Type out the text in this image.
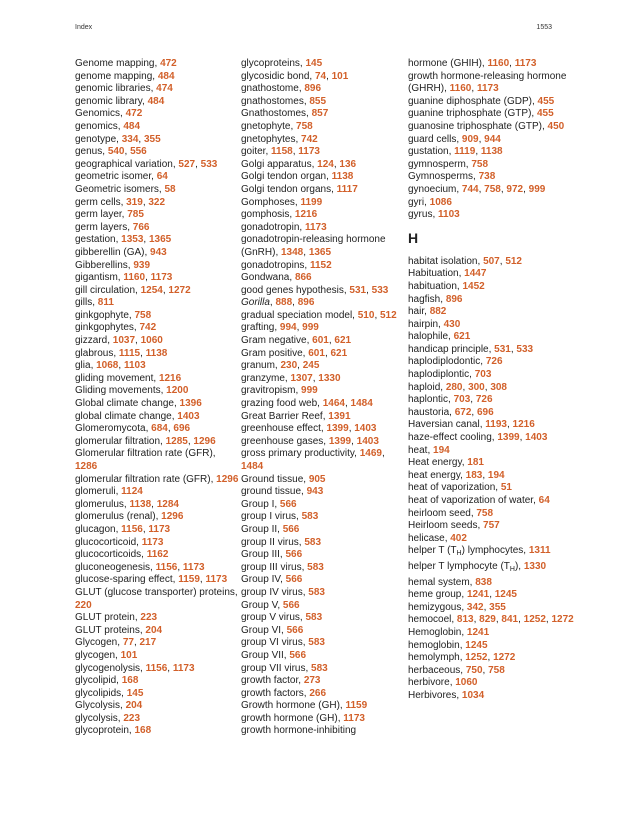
Index	1553
Genome mapping, 472
genome mapping, 484
genomic libraries, 474
genomic library, 484
Genomics, 472
genomics, 484
genotype, 334, 355
genus, 540, 556
geographical variation, 527, 533
geometric isomer, 64
Geometric isomers, 58
germ cells, 319, 322
germ layer, 785
germ layers, 766
gestation, 1353, 1365
gibberellin (GA), 943
Gibberellins, 939
gigantism, 1160, 1173
gill circulation, 1254, 1272
gills, 811
ginkgophyte, 758
ginkgophytes, 742
gizzard, 1037, 1060
glabrous, 1115, 1138
glia, 1068, 1103
gliding movement, 1216
Gliding movements, 1200
Global climate change, 1396
global climate change, 1403
Glomeromycota, 684, 696
glomerular filtration, 1285, 1296
Glomerular filtration rate (GFR), 1286
glomerular filtration rate (GFR), 1296
glomeruli, 1124
glomerulus, 1138, 1284
glomerulus (renal), 1296
glucagon, 1156, 1173
glucocorticoid, 1173
glucocorticoids, 1162
gluconeogenesis, 1156, 1173
glucose-sparing effect, 1159, 1173
GLUT (glucose transporter) proteins, 220
GLUT protein, 223
GLUT proteins, 204
Glycogen, 77, 217
glycogen, 101
glycogenolysis, 1156, 1173
glycolipid, 168
glycolipids, 145
Glycolysis, 204
glycolysis, 223
glycoprotein, 168
glycoproteins, 145
glycosidic bond, 74, 101
gnathostome, 896
gnathostomes, 855
Gnathostomes, 857
gnetophyte, 758
gnetophytes, 742
goiter, 1158, 1173
Golgi apparatus, 124, 136
Golgi tendon organ, 1138
Golgi tendon organs, 1117
Gomphoses, 1199
gomphosis, 1216
gonadotropin, 1173
gonadotropin-releasing hormone (GnRH), 1348, 1365
gonadotropins, 1152
Gondwana, 866
good genes hypothesis, 531, 533
Gorilla, 888, 896
gradual speciation model, 510, 512
grafting, 994, 999
Gram negative, 601, 621
Gram positive, 601, 621
granum, 230, 245
granzyme, 1307, 1330
gravitropism, 999
grazing food web, 1464, 1484
Great Barrier Reef, 1391
greenhouse effect, 1399, 1403
greenhouse gases, 1399, 1403
gross primary productivity, 1469, 1484
Ground tissue, 905
ground tissue, 943
Group I, 566
group I virus, 583
Group II, 566
group II virus, 583
Group III, 566
group III virus, 583
Group IV, 566
group IV virus, 583
Group V, 566
group V virus, 583
Group VI, 566
group VI virus, 583
Group VII, 566
group VII virus, 583
growth factor, 273
growth factors, 266
Growth hormone (GH), 1159
growth hormone (GH), 1173
growth hormone-inhibiting
hormone (GHIH), 1160, 1173
growth hormone-releasing hormone (GHRH), 1160, 1173
guanine diphosphate (GDP), 455
guanine triphosphate (GTP), 455
guanosine triphosphate (GTP), 450
guard cells, 909, 944
gustation, 1119, 1138
gymnosperm, 758
Gymnosperms, 738
gynoecium, 744, 758, 972, 999
gyri, 1086
gyrus, 1103
H
habitat isolation, 507, 512
Habituation, 1447
habituation, 1452
hagfish, 896
hair, 882
hairpin, 430
halophile, 621
handicap principle, 531, 533
haplodiplodontic, 726
haplodiplontic, 703
haploid, 280, 300, 308
haplontic, 703, 726
haustoria, 672, 696
Haversian canal, 1193, 1216
haze-effect cooling, 1399, 1403
heat, 194
Heat energy, 181
heat energy, 183, 194
heat of vaporization, 51
heat of vaporization of water, 64
heirloom seed, 758
Heirloom seeds, 757
helicase, 402
helper T $(T_H)$ lymphocytes, 1311
helper T lymphocyte $(T_H)$, 1330
hemal system, 838
heme group, 1241, 1245
hemizygous, 342, 355
hemocoel, 813, 829, 841, 1252, 1272
Hemoglobin, 1241
hemoglobin, 1245
hemolymph, 1252, 1272
herbaceous, 750, 758
herbivore, 1060
Herbivores, 1034
